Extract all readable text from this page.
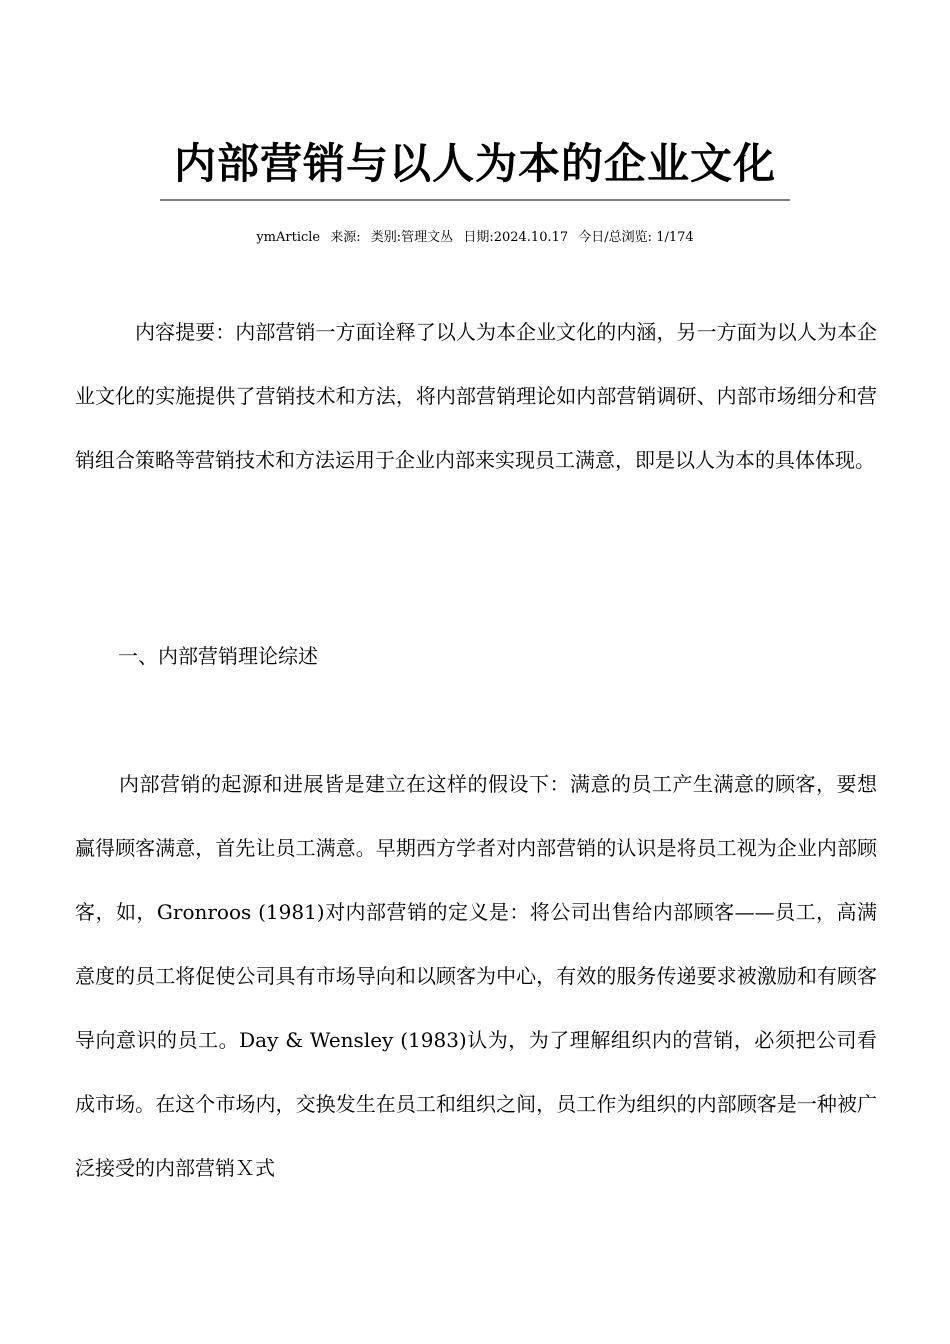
内部营销与以人为本的企业文化
ymArticle 来源: 类别:管理文丛 日期:2024.10.17 今日/总浏览: 1/174

内容提要：内部营销一方面诠释了以人为本企业文化的内涵，另一方面为以人为本企业文化的实施提供了营销技术和方法，将内部营销理论如内部营销调研、内部市场细分和营销组合策略等营销技术和方法运用于企业内部来实现员工满意，即是以人为本的具体体现。

一、内部营销理论综述

内部营销的起源和进展皆是建立在这样的假设下：满意的员工产生满意的顾客，要想赢得顾客满意，首先让员工满意。早期西方学者对内部营销的认识是将员工视为企业内部顾客，如，Gronroos (1981)对内部营销的定义是：将公司出售给内部顾客——员工，高满意度的员工将促使公司具有市场导向和以顾客为中心，有效的服务传递要求被激励和有顾客导向意识的员工。Day & Wensley (1983)认为，为了理解组织内的营销，必须把公司看成市场。在这个市场内，交换发生在员工和组织之间，员工作为组织的内部顾客是一种被广泛接受的内部营销Ｘ式
